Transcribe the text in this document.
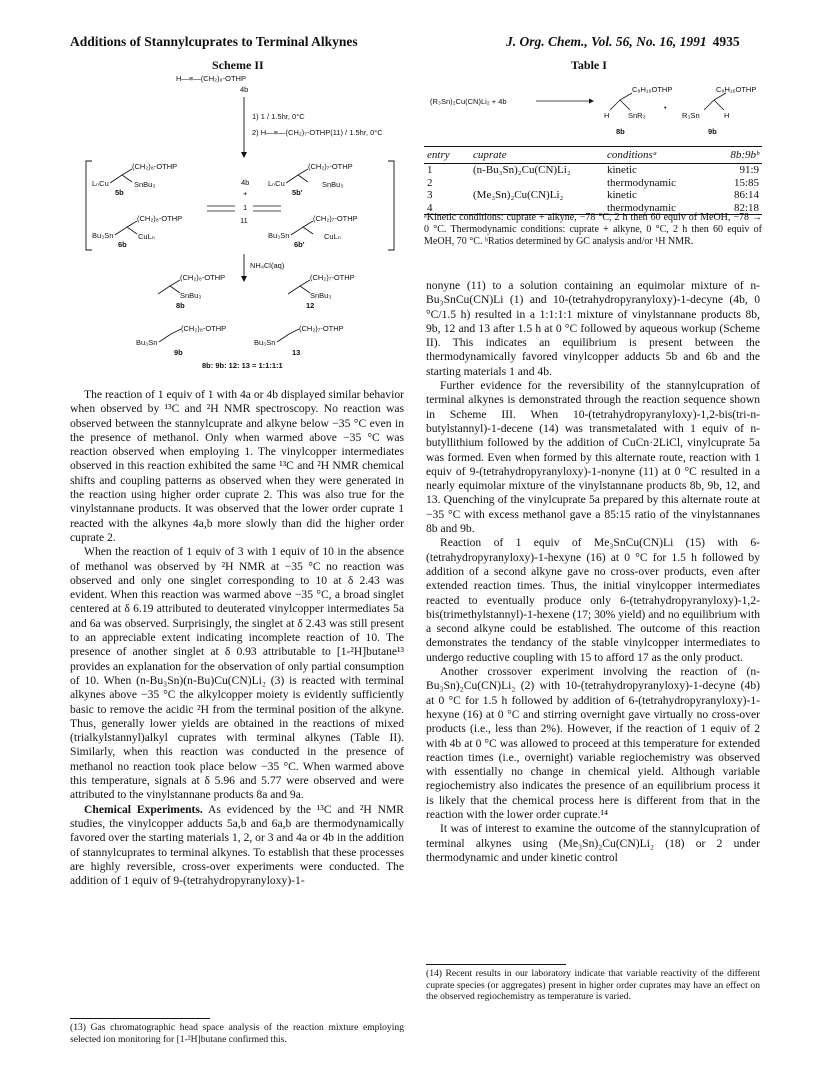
Additions of Stannylcuprates to Terminal Alkynes	J. Org. Chem., Vol. 56, No. 16, 1991 4935
Scheme II
H—≡—(CH₂)₈-OTHP
4b
1) 1 / 1.5hr, 0°C
2) H—≡—(CH₂)₇-OTHP(11) / 1.5hr, 0°C
LₙCu
(CH₂)₈-OTHP
SnBu₃
5b
4b
+
1
11
LₙCu
(CH₂)₇-OTHP
SnBu₃
5b'
Bu₃Sn
(CH₂)₈-OTHP
CuLₙ
6b
Bu₃Sn
(CH₂)₇-OTHP
CuLₙ
6b'
NH₄Cl(aq)
(CH₂)₈-OTHP
SnBu₃
8b
(CH₂)₇-OTHP
SnBu₃
12
Bu₃Sn
(CH₂)₈-OTHP
9b
Bu₃Sn
(CH₂)₇-OTHP
13
8b: 9b: 12: 13 = 1:1:1:1
Table I
(R₃Sn)₂Cu(CN)Li₂ + 4b
C₈H₁₆OTHP
H SnR₃
•
C₈H₁₆OTHP
R₃Sn	H
8b	9b
entry	cuprate	conditionsᵃ	8b:9bᵇ
1	(n-Bu₃Sn)₂Cu(CN)Li₂	kinetic	91:9
2		thermodynamic	15:85
3	(Me₃Sn)₂Cu(CN)Li₂	kinetic	86:14
4		thermodynamic	82:18
ᵃKinetic conditions: cuprate + alkyne, −78 °C, 2 h then 60 equiv of MeOH, −78 → 0 °C. Thermodynamic conditions: cuprate + alkyne, 0 °C, 2 h then 60 equiv of MeOH, 70 °C. ᵇRatios determined by GC analysis and/or ¹H NMR.

The reaction of 1 equiv of 1 with 4a or 4b displayed similar behavior when observed by ¹³C and ²H NMR spectroscopy. No reaction was observed between the stannylcuprate and alkyne below −35 °C even in the presence of methanol. Only when warmed above −35 °C was reaction observed when employing 1. The vinylcopper intermediates observed in this reaction exhibited the same ¹³C and ²H NMR chemical shifts and coupling patterns as observed when they were generated in the reaction using higher order cuprate 2. This was also true for the vinylstannane products. It was observed that the lower order cuprate 1 reacted with the alkynes 4a,b more slowly than did the higher order cuprate 2.

When the reaction of 1 equiv of 3 with 1 equiv of 10 in the absence of methanol was observed by ²H NMR at −35 °C no reaction was observed and only one singlet corresponding to 10 at δ 2.43 was evident. When this reaction was warmed above −35 °C, a broad singlet centered at δ 6.19 attributed to deuterated vinylcopper intermediates 5a and 6a was observed. Surprisingly, the singlet at δ 2.43 was still present to an appreciable extent indicating incomplete reaction of 10. The presence of another singlet at δ 0.93 attributable to [1-²H]butane¹³ provides an explanation for the observation of only partial consumption of 10. When (n-Bu₃Sn)(n-Bu)Cu(CN)Li₂ (3) is reacted with terminal alkynes above −35 °C the alkylcopper moiety is evidently sufficiently basic to remove the acidic ²H from the terminal position of the alkyne. Thus, generally lower yields are obtained in the reactions of mixed (trialkylstannyl)alkyl cuprates with terminal alkynes (Table II). Similarly, when this reaction was conducted in the presence of methanol no reaction took place below −35 °C. When warmed above this temperature, signals at δ 5.96 and 5.77 were observed and were attributed to the vinylstannane products 8a and 9a.

Chemical Experiments. As evidenced by the ¹³C and ²H NMR studies, the vinylcopper adducts 5a,b and 6a,b are thermodynamically favored over the starting materials 1, 2, or 3 and 4a or 4b in the addition of stannylcuprates to terminal alkynes. To establish that these processes are highly reversible, cross-over experiments were conducted. The addition of 1 equiv of 9-(tetrahydropyranyloxy)-1-

nonyne (11) to a solution containing an equimolar mixture of n-Bu₃SnCu(CN)Li (1) and 10-(tetrahydropyranyloxy)-1-decyne (4b, 0 °C/1.5 h) resulted in a 1:1:1:1 mixture of vinylstannane products 8b, 9b, 12 and 13 after 1.5 h at 0 °C followed by aqueous workup (Scheme II). This indicates an equilibrium is present between the thermodynamically favored vinylcopper adducts 5b and 6b and the starting materials 1 and 4b.

Further evidence for the reversibility of the stannylcupration of terminal alkynes is demonstrated through the reaction sequence shown in Scheme III. When 10-(tetrahydropyranyloxy)-1,2-bis(tri-n-butylstannyl)-1-decene (14) was transmetalated with 1 equiv of n-butyllithium followed by the addition of CuCn·2LiCl, vinylcuprate 5a was formed. Even when formed by this alternate route, reaction with 1 equiv of 9-(tetrahydropyranyloxy)-1-nonyne (11) at 0 °C resulted in a nearly equimolar mixture of the vinylstannane products 8b, 9b, 12, and 13. Quenching of the vinylcuprate 5a prepared by this alternate route at −35 °C with excess methanol gave a 85:15 ratio of the vinylstannanes 8b and 9b.

Reaction of 1 equiv of Me₃SnCu(CN)Li (15) with 6-(tetrahydropyranyloxy)-1-hexyne (16) at 0 °C for 1.5 h followed by addition of a second alkyne gave no cross-over products, even after extended reaction times. Thus, the initial vinylcopper intermediates reacted to eventually produce only 6-(tetrahydropyranyloxy)-1,2-bis(trimethylstannyl)-1-hexene (17; 30% yield) and no equilibrium with a second alkyne could be established. The outcome of this reaction demonstrates the tendancy of the stable vinylcopper intermediates to undergo reductive coupling with 15 to afford 17 as the only product.

Another crossover experiment involving the reaction of (n-Bu₃Sn)₂Cu(CN)Li₂ (2) with 10-(tetrahydropyranyloxy)-1-decyne (4b) at 0 °C for 1.5 h followed by addition of 6-(tetrahydropyranyloxy)-1-hexyne (16) at 0 °C and stirring overnight gave virtually no cross-over products (i.e., less than 2%). However, if the reaction of 1 equiv of 2 with 4b at 0 °C was allowed to proceed at this temperature for extended reaction times (i.e., overnight) variable regiochemistry was observed with essentially no change in chemical yield. Although variable regiochemistry also indicates the presence of an equilibrium process it is likely that the chemical process here is different from that in the reaction with the lower order cuprate.¹⁴

It was of interest to examine the outcome of the stannylcupration of terminal alkynes using (Me₃Sn)₂Cu(CN)Li₂ (18) or 2 under thermodynamic and under kinetic control

(13) Gas chromatographic head space analysis of the reaction mixture employing selected ion monitoring for [1-²H]butane confirmed this.
(14) Recent results in our laboratory indicate that variable reactivity of the different cuprate species (or aggregates) present in higher order cuprates may have an effect on the observed regiochemistry as temperature is varied.
